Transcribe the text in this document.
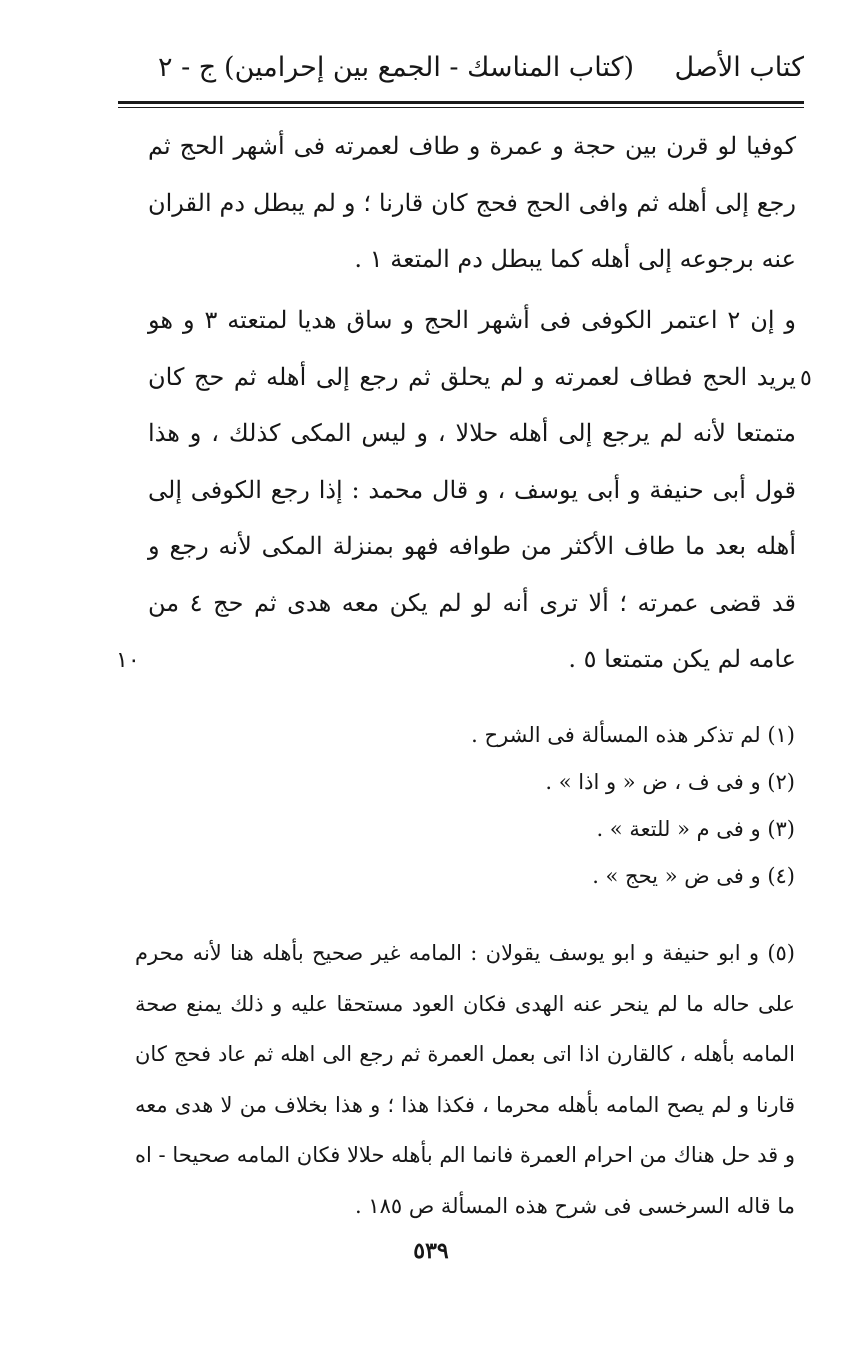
كتاب الأصل
(كتاب المناسك - الجمع بين إحرامين)
ج - ٢

كوفيا لو قرن بين حجة و عمرة و طاف لعمرته فى أشهر الحج ثم رجع إلى أهله ثم وافى الحج فحج كان قارنا ؛ و لم يبطل دم القران عنه برجوعه إلى أهله كما يبطل دم المتعة ١ .

و إن ٢ اعتمر الكوفى فى أشهر الحج و ساق هديا لمتعته ٣ و هو يريد الحج فطاف لعمرته و لم يحلق ثم رجع إلى أهله ثم حج كان متمتعا لأنه لم يرجع إلى أهله حلالا ، و ليس المكى كذلك ، و هذا قول أبى حنيفة و أبى يوسف ، و قال محمد : إذا رجع الكوفى إلى أهله بعد ما طاف الأكثر من طوافه فهو بمنزلة المكى لأنه رجع و قد قضى عمرته ؛ ألا ترى أنه لو لم يكن معه هدى ثم حج ٤ من عامه لم يكن متمتعا ٥ .

٥
١٠

(١) لم تذكر هذه المسألة فى الشرح .

(٢) و فى ف ، ض « و اذا » .

(٣) و فى م « للتعة » .

(٤) و فى ض « يحج » .

(٥) و ابو حنيفة و ابو يوسف يقولان : المامه غير صحيح بأهله هنا لأنه محرم على حاله ما لم ينحر عنه الهدى فكان العود مستحقا عليه و ذلك يمنع صحة المامه بأهله ، كالقارن اذا اتى بعمل العمرة ثم رجع الى اهله ثم عاد فحج كان قارنا و لم يصح المامه بأهله محرما ، فكذا هذا ؛ و هذا بخلاف من لا هدى معه و قد حل هناك من احرام العمرة فانما الم بأهله حلالا فكان المامه صحيحا - اه ما قاله السرخسى فى شرح هذه المسألة ص ١٨٥ .

٥٣٩
